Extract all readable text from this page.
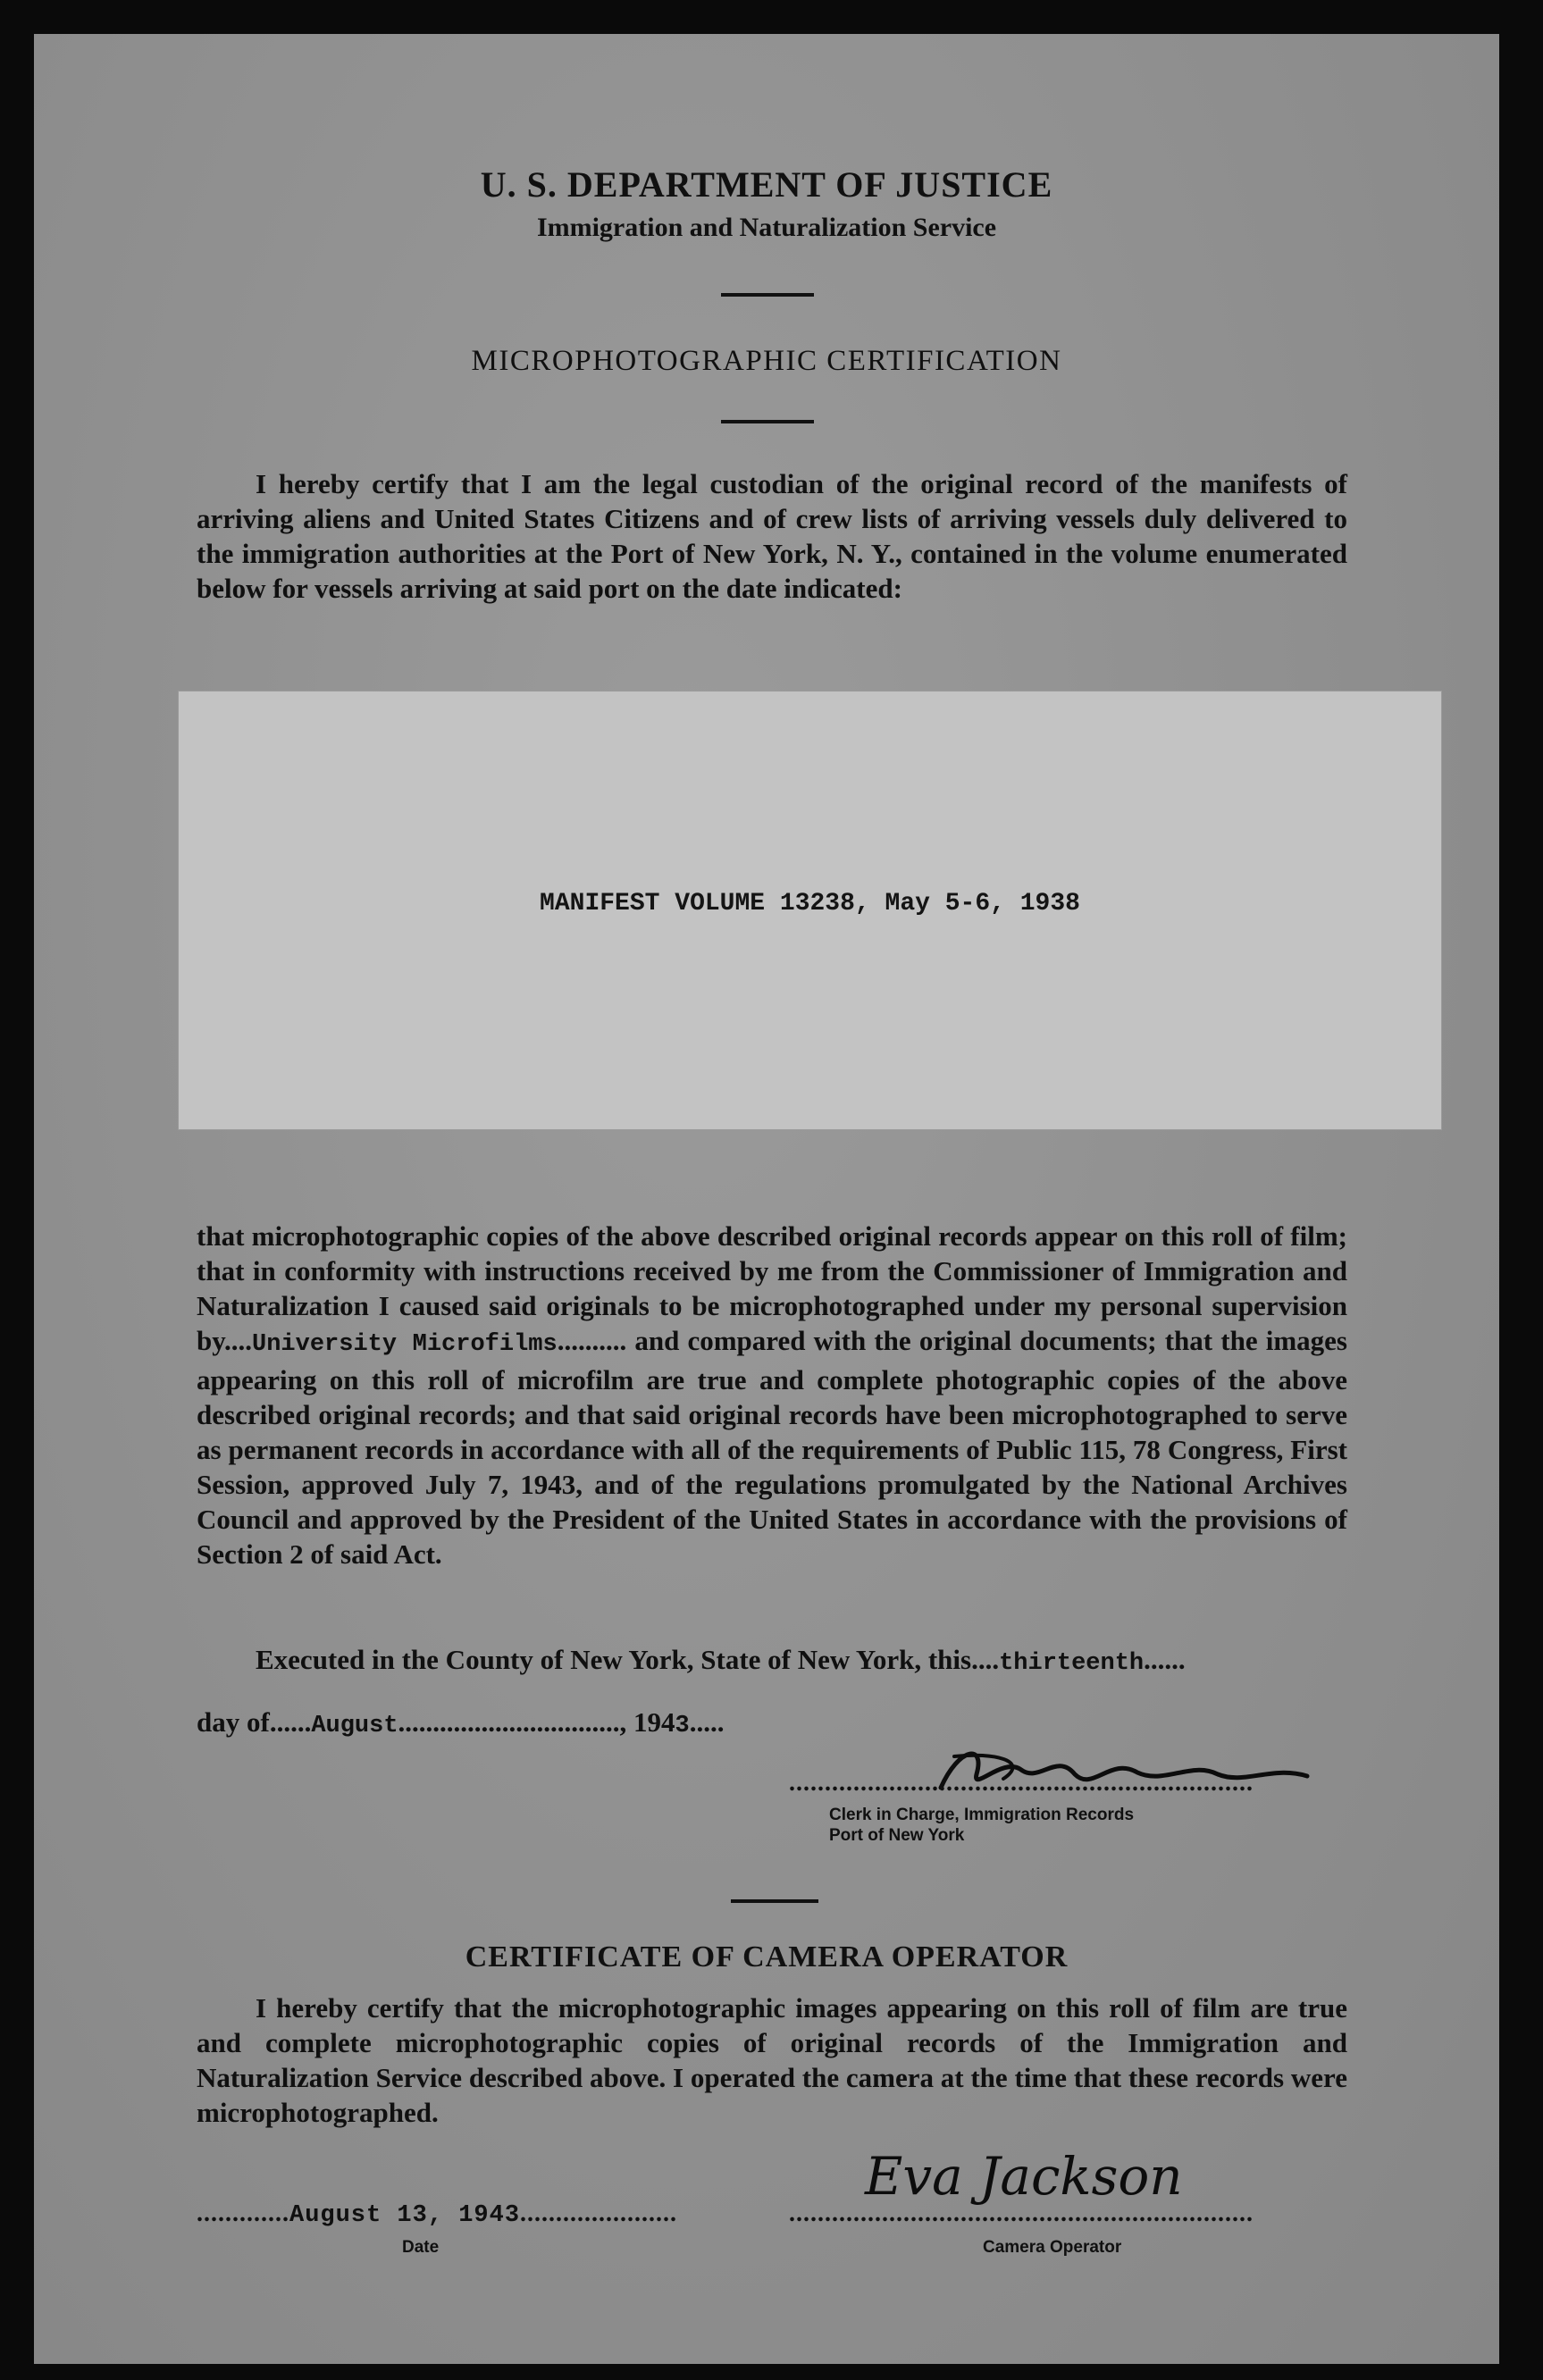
U. S. DEPARTMENT OF JUSTICE
Immigration and Naturalization Service
MICROPHOTOGRAPHIC CERTIFICATION
I hereby certify that I am the legal custodian of the original record of the manifests of arriving aliens and United States Citizens and of crew lists of arriving vessels duly delivered to the immigration authorities at the Port of New York, N. Y., contained in the volume enumerated below for vessels arriving at said port on the date indicated:
MANIFEST VOLUME 13238, May 5-6, 1938
that microphotographic copies of the above described original records appear on this roll of film; that in conformity with instructions received by me from the Commissioner of Immigration and Naturalization I caused said originals to be microphotographed under my personal supervision by....University Microfilms.......... and compared with the original documents; that the images appearing on this roll of microfilm are true and complete photographic copies of the above described original records; and that said original records have been microphotographed to serve as permanent records in accordance with all of the requirements of Public 115, 78 Congress, First Session, approved July 7, 1943, and of the regulations promulgated by the National Archives Council and approved by the President of the United States in accordance with the provisions of Section 2 of said Act.
Executed in the County of New York, State of New York, this....thirteenth......
day of......August................................, 1943.....
.................................................................
Clerk in Charge, Immigration Records
Port of New York
CERTIFICATE OF CAMERA OPERATOR
I hereby certify that the microphotographic images appearing on this roll of film are true and complete microphotographic copies of original records of the Immigration and Naturalization Service described above. I operated the camera at the time that these records were microphotographed.
.............August 13, 1943......................
Date
Eva Jackson
.................................................................
Camera Operator
